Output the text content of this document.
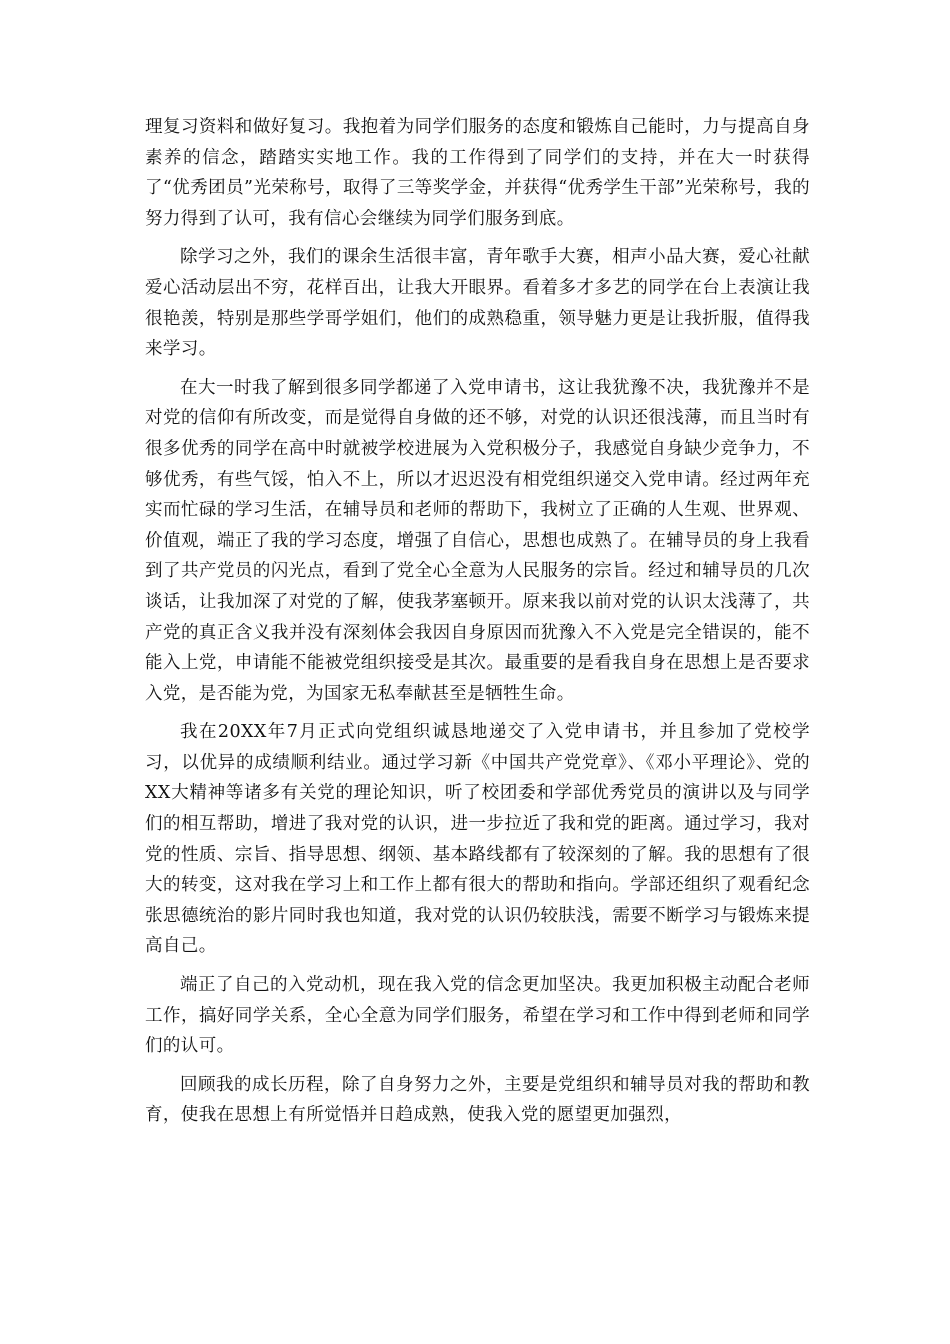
理复习资料和做好复习。我抱着为同学们服务的态度和锻炼自己能时，力与提高自身素养的信念，踏踏实实地工作。我的工作得到了同学们的支持，并在大一时获得了“优秀团员”光荣称号，取得了三等奖学金，并获得“优秀学生干部”光荣称号，我的努力得到了认可，我有信心会继续为同学们服务到底。

除学习之外，我们的课余生活很丰富，青年歌手大赛，相声小品大赛，爱心社献爱心活动层出不穷，花样百出，让我大开眼界。看着多才多艺的同学在台上表演让我很艳羡，特别是那些学哥学姐们，他们的成熟稳重，领导魅力更是让我折服，值得我来学习。

在大一时我了解到很多同学都递了入党申请书，这让我犹豫不决，我犹豫并不是对党的信仰有所改变，而是觉得自身做的还不够，对党的认识还很浅薄，而且当时有很多优秀的同学在高中时就被学校进展为入党积极分子，我感觉自身缺少竞争力，不够优秀，有些气馁，怕入不上，所以才迟迟没有相党组织递交入党申请。经过两年充实而忙碌的学习生活，在辅导员和老师的帮助下，我树立了正确的人生观、世界观、价值观，端正了我的学习态度，增强了自信心，思想也成熟了。在辅导员的身上我看到了共产党员的闪光点，看到了党全心全意为人民服务的宗旨。经过和辅导员的几次谈话，让我加深了对党的了解，使我茅塞顿开。原来我以前对党的认识太浅薄了，共产党的真正含义我并没有深刻体会我因自身原因而犹豫入不入党是完全错误的，能不能入上党，申请能不能被党组织接受是其次。最重要的是看我自身在思想上是否要求入党，是否能为党，为国家无私奉献甚至是牺牲生命。

我在20XX年7月正式向党组织诚恳地递交了入党申请书，并且参加了党校学习，以优异的成绩顺利结业。通过学习新《中国共产党党章》、《邓小平理论》、党的XX大精神等诸多有关党的理论知识，听了校团委和学部优秀党员的演讲以及与同学们的相互帮助，增进了我对党的认识，进一步拉近了我和党的距离。通过学习，我对党的性质、宗旨、指导思想、纲领、基本路线都有了较深刻的了解。我的思想有了很大的转变，这对我在学习上和工作上都有很大的帮助和指向。学部还组织了观看纪念张思德统治的影片同时我也知道，我对党的认识仍较肤浅，需要不断学习与锻炼来提高自己。

端正了自己的入党动机，现在我入党的信念更加坚决。我更加积极主动配合老师工作，搞好同学关系，全心全意为同学们服务，希望在学习和工作中得到老师和同学们的认可。

回顾我的成长历程，除了自身努力之外，主要是党组织和辅导员对我的帮助和教育，使我在思想上有所觉悟并日趋成熟，使我入党的愿望更加强烈，
